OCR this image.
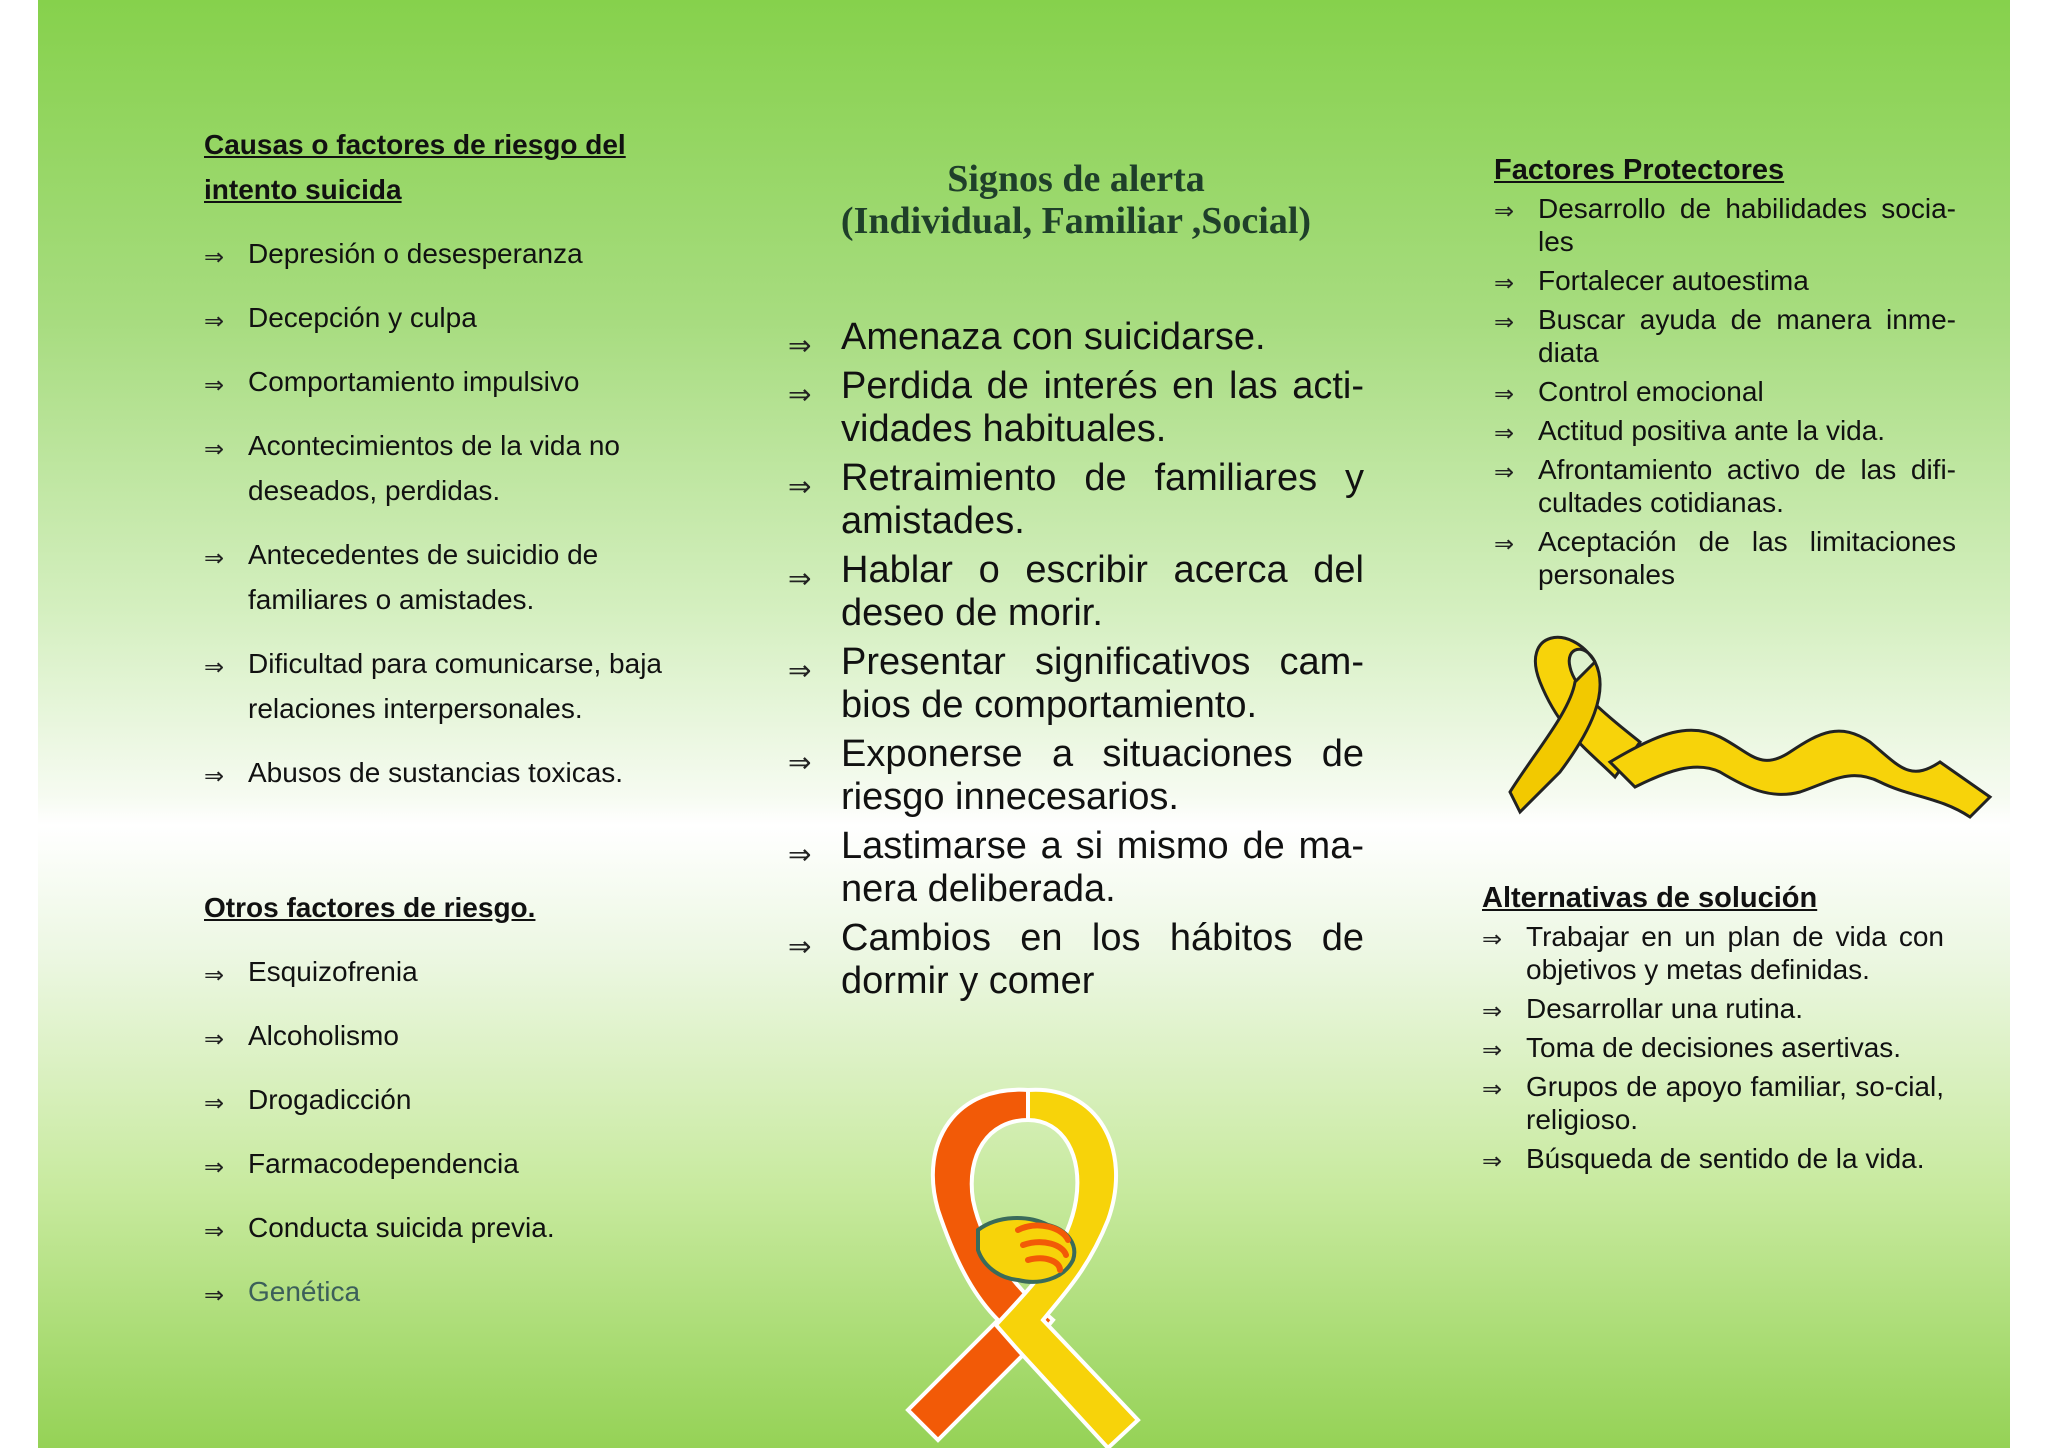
Causas o factores de riesgo del intento suicida
⇒ Depresión o desesperanza
⇒ Decepción y culpa
⇒ Comportamiento impulsivo
⇒ Acontecimientos de la vida no deseados, perdidas.
⇒ Antecedentes de suicidio de familiares o amistades.
⇒ Dificultad para comunicarse, baja relaciones interpersonales.
⇒ Abusos de sustancias toxicas.
Otros factores de riesgo.
⇒ Esquizofrenia
⇒ Alcoholismo
⇒ Drogadicción
⇒ Farmacodependencia
⇒ Conducta suicida previa.
⇒ Genética
Signos de alerta
(Individual, Familiar ,Social)
⇒ Amenaza con suicidarse.
⇒ Perdida de interés en las acti-vidades habituales.
⇒ Retraimiento de familiares y amistades.
⇒ Hablar o escribir acerca del deseo de morir.
⇒ Presentar significativos cam-bios de comportamiento.
⇒ Exponerse a situaciones de riesgo innecesarios.
⇒ Lastimarse a si mismo de ma-nera deliberada.
⇒ Cambios en los hábitos de dormir y comer
Factores Protectores
⇒ Desarrollo de habilidades socia-les
⇒ Fortalecer autoestima
⇒ Buscar ayuda de manera inme-diata
⇒ Control emocional
⇒ Actitud positiva ante la vida.
⇒ Afrontamiento activo de las difi-cultades cotidianas.
⇒ Aceptación de las limitaciones personales
Alternativas de solución
⇒ Trabajar en un plan de vida con objetivos y metas definidas.
⇒ Desarrollar una rutina.
⇒ Toma de decisiones asertivas.
⇒ Grupos de apoyo familiar, so-cial, religioso.
⇒ Búsqueda de sentido de la vida.
